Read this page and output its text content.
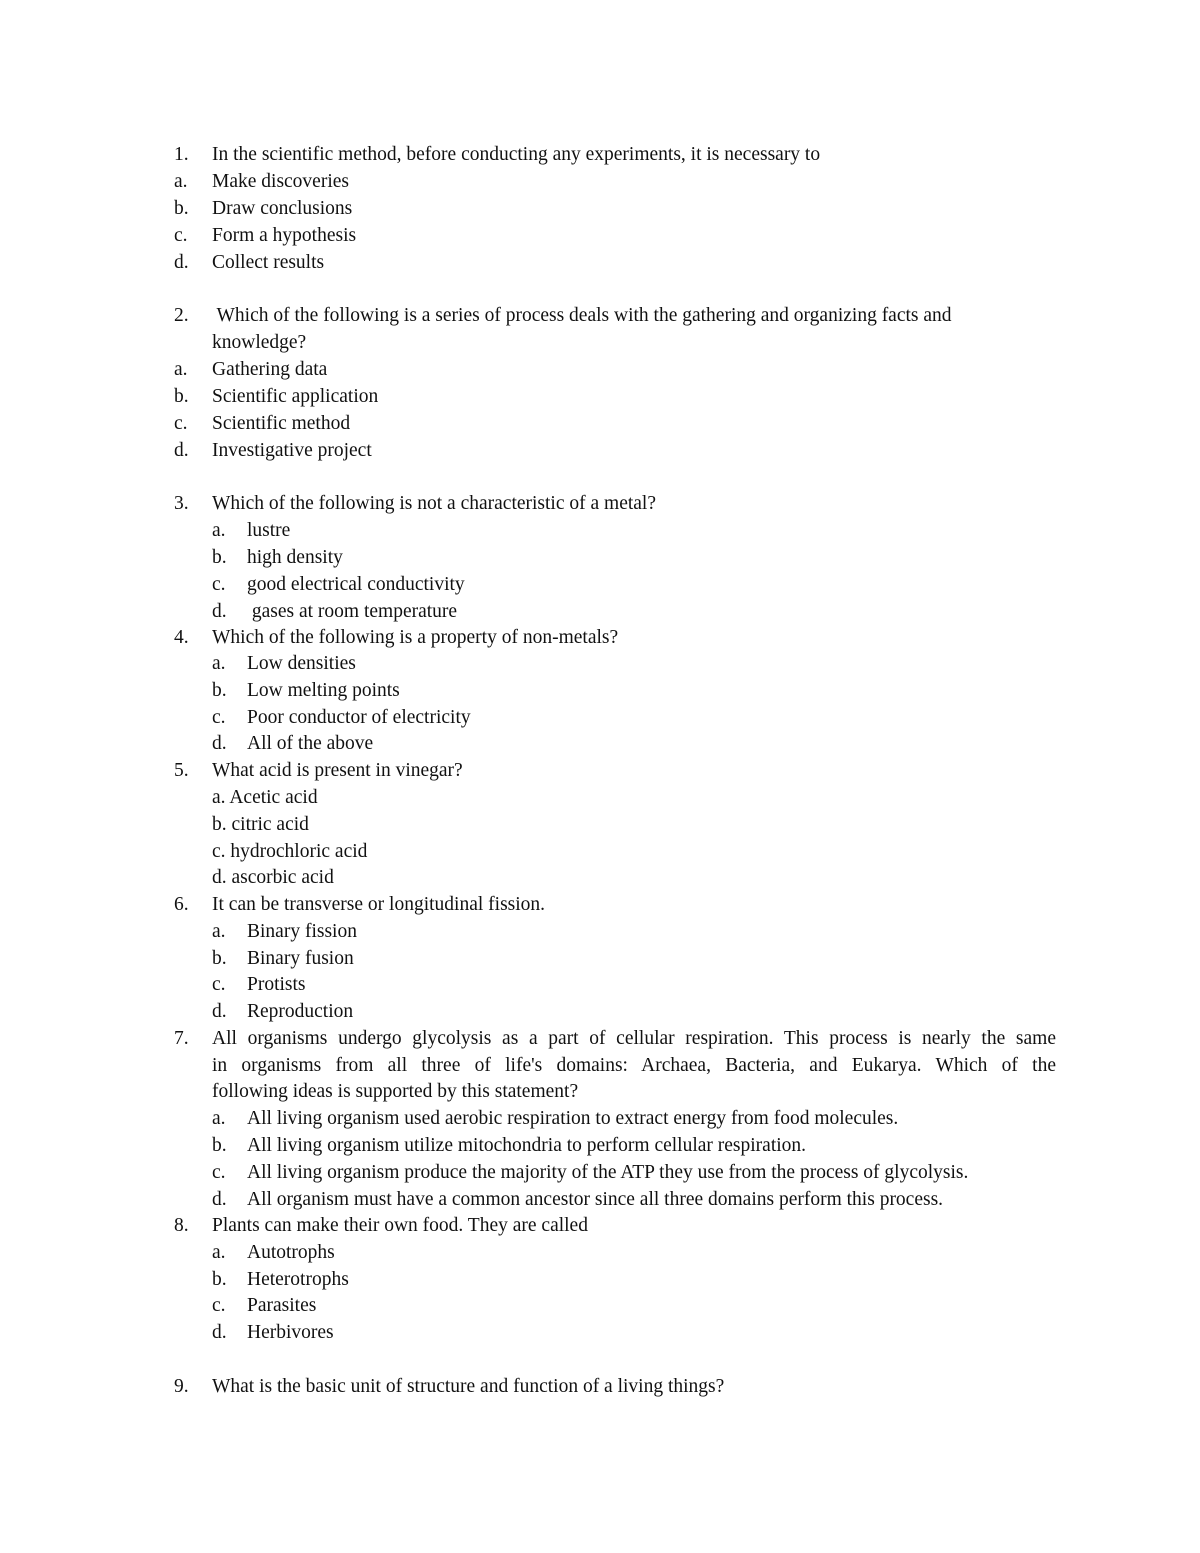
1. In the scientific method, before conducting any experiments, it is necessary to
a. Make discoveries
b. Draw conclusions
c. Form a hypothesis
d. Collect results
2. Which of the following is a series of process deals with the gathering and organizing facts and
knowledge?
a. Gathering data
b. Scientific application
c. Scientific method
d. Investigative project
3. Which of the following is not a characteristic of a metal?
a. lustre
b. high density
c. good electrical conductivity
d. gases at room temperature
4. Which of the following is a property of non-metals?
a. Low densities
b. Low melting points
c. Poor conductor of electricity
d. All of the above
5. What acid is present in vinegar?
a. Acetic acid
b. citric acid
c. hydrochloric acid
d. ascorbic acid
6. It can be transverse or longitudinal fission.
a. Binary fission
b. Binary fusion
c. Protists
d. Reproduction
7. All organisms undergo glycolysis as a part of cellular respiration. This process is nearly the same
in organisms from all three of life's domains: Archaea, Bacteria, and Eukarya. Which of the
following ideas is supported by this statement?
a. All living organism used aerobic respiration to extract energy from food molecules.
b. All living organism utilize mitochondria to perform cellular respiration.
c. All living organism produce the majority of the ATP they use from the process of glycolysis.
d. All organism must have a common ancestor since all three domains perform this process.
8. Plants can make their own food. They are called
a. Autotrophs
b. Heterotrophs
c. Parasites
d. Herbivores
9. What is the basic unit of structure and function of a living things?
